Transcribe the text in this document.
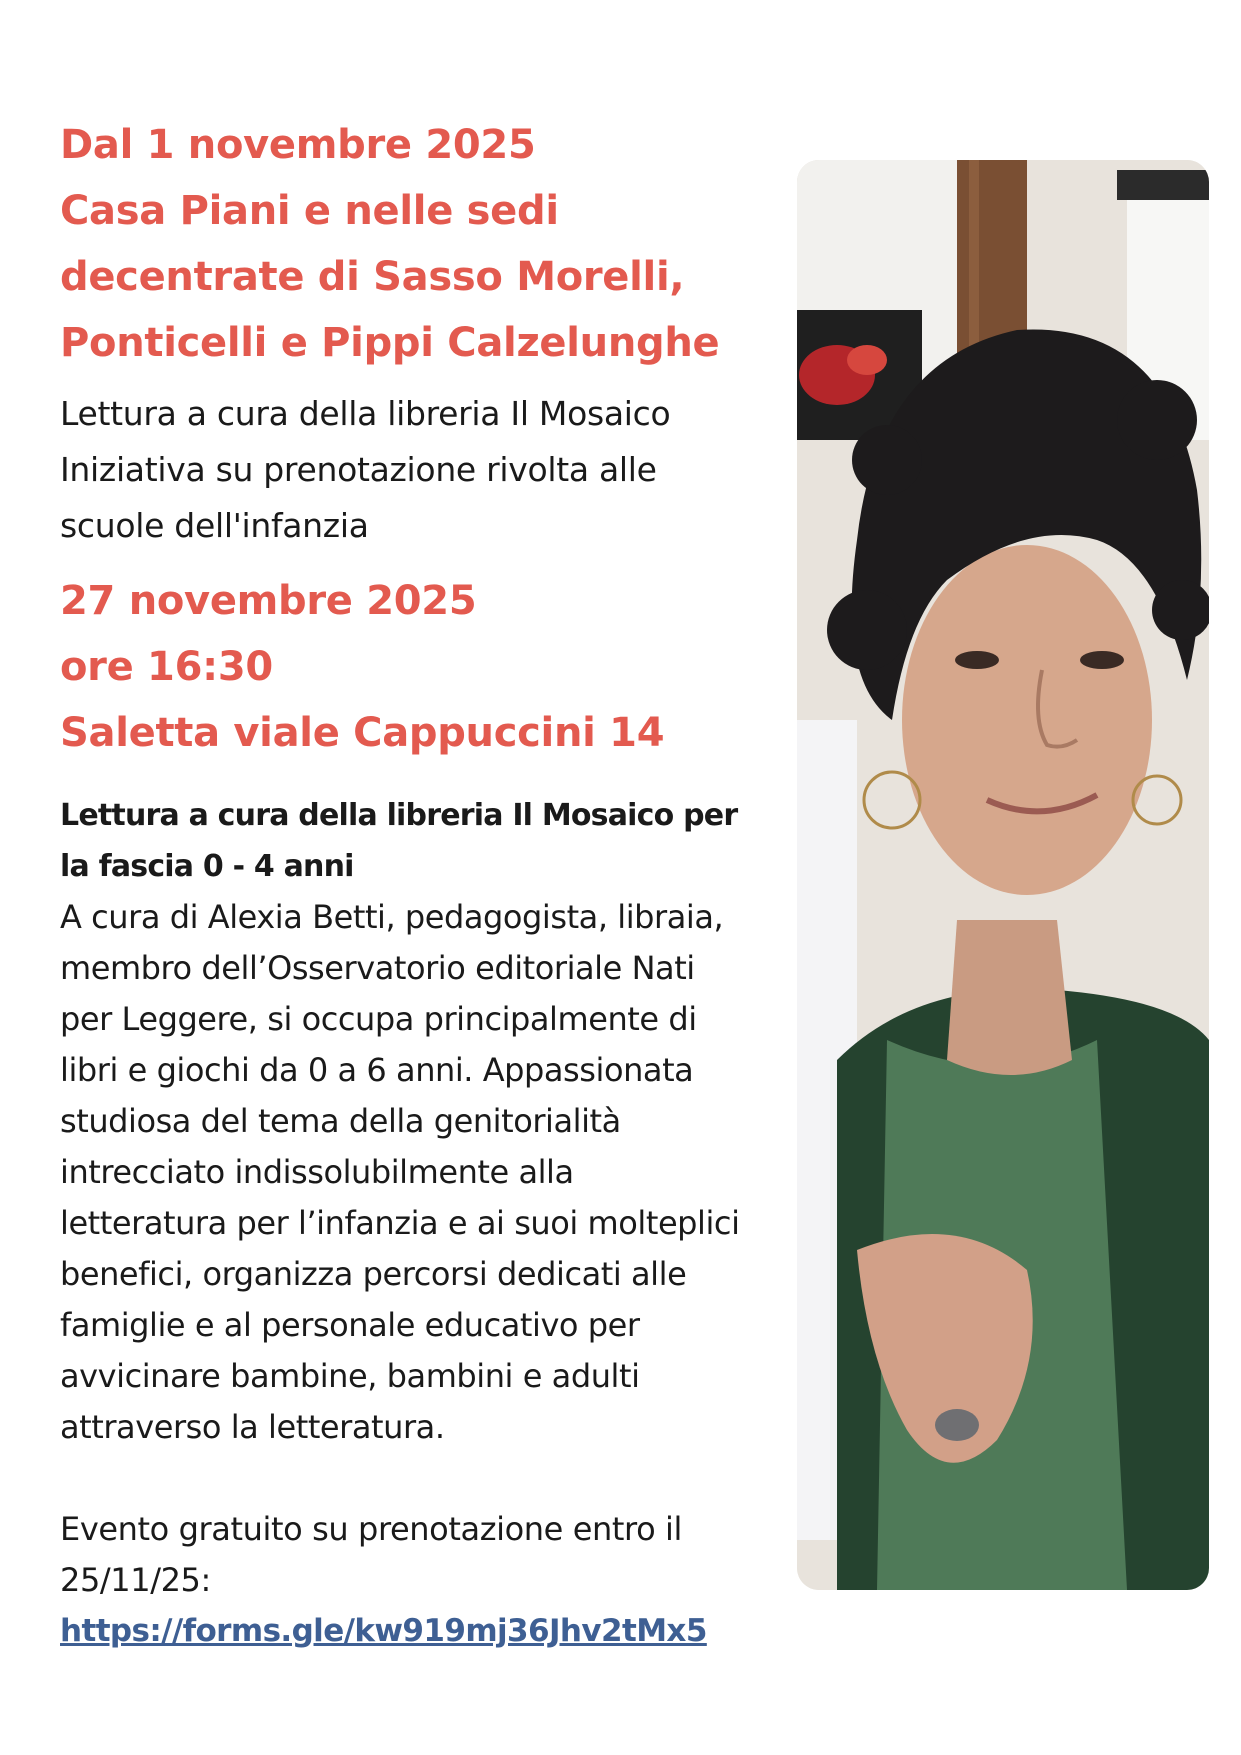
Dal 1 novembre 2025
Casa Piani e nelle sedi
decentrate di Sasso Morelli,
Ponticelli e Pippi Calzelunghe
Lettura a cura della libreria Il Mosaico
Iniziativa su prenotazione rivolta alle
scuole dell'infanzia
27 novembre 2025
ore 16:30
Saletta viale Cappuccini 14
Lettura a cura della libreria Il Mosaico per
la fascia 0 - 4 anni
A cura di Alexia Betti, pedagogista, libraia,
membro dell’Osservatorio editoriale Nati
per Leggere, si occupa principalmente di
libri e giochi da 0 a 6 anni. Appassionata
studiosa del tema della genitorialità
intrecciato indissolubilmente alla
letteratura per l’infanzia e ai suoi molteplici
benefici, organizza percorsi dedicati alle
famiglie e al personale educativo per
avvicinare bambine, bambini e adulti
attraverso la letteratura.
Evento gratuito su prenotazione entro il
25/11/25:
https://forms.gle/kw919mj36Jhv2tMx5
